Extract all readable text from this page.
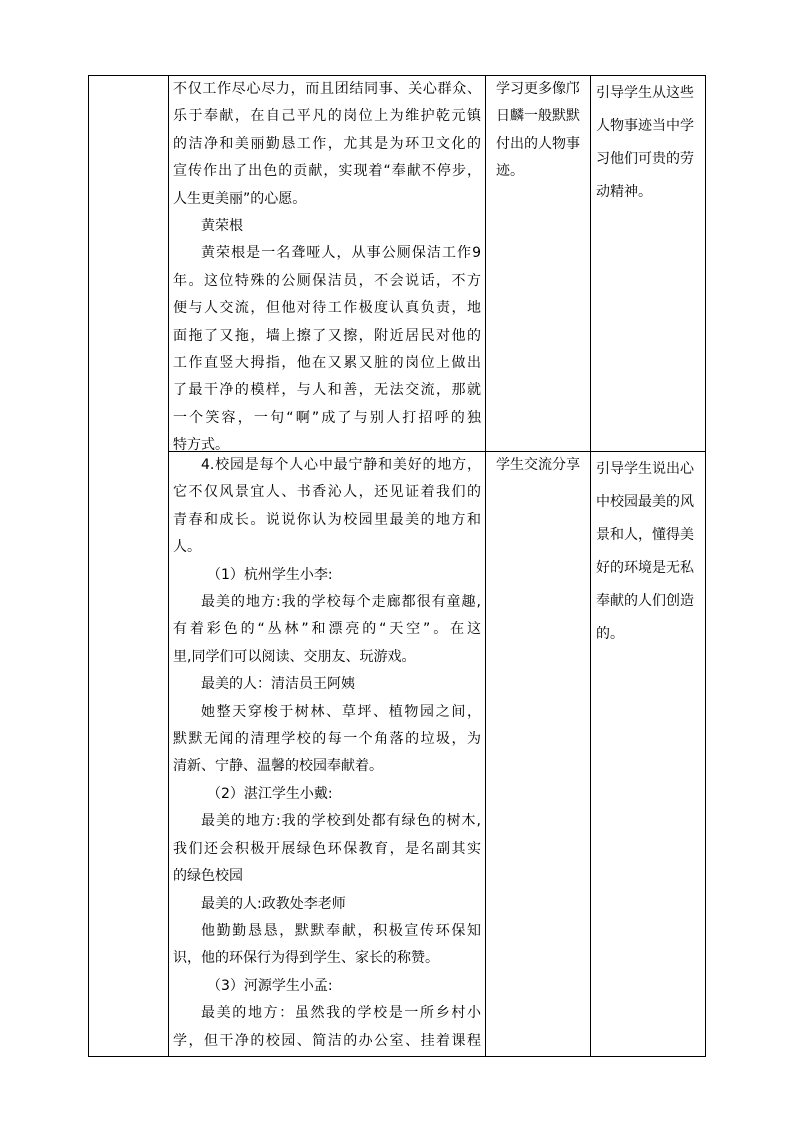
不仅工作尽心尽力，而且团结同事、关心群众、

乐于奉献，在自己平凡的岗位上为维护乾元镇

的洁净和美丽勤恳工作，尤其是为环卫文化的

宣传作出了出色的贡献，实现着“奉献不停步，

人生更美丽”的心愿。

黄荣根

黄荣根是一名聋哑人，从事公厕保洁工作9

年。这位特殊的公厕保洁员，不会说话，不方

便与人交流，但他对待工作极度认真负责，地

面拖了又拖，墙上擦了又擦，附近居民对他的

工作直竖大拇指，他在又累又脏的岗位上做出

了最干净的模样，与人和善，无法交流，那就

一个笑容，一句“啊”成了与别人打招呼的独

特方式。

学习更多像邝

日麟一般默默

付出的人物事

迹。

引导学生从这些

人物事迹当中学

习他们可贵的劳

动精神。

4.校园是每个人心中最宁静和美好的地方，

它不仅风景宜人、书香沁人，还见证着我们的

青春和成长。说说你认为校园里最美的地方和

人。

（1）杭州学生小李:

最美的地方:我的学校每个走廊都很有童趣,

有着彩色的“丛林”和漂亮的“天空”。在这

里,同学们可以阅读、交朋友、玩游戏。

最美的人：清洁员王阿姨

她整天穿梭于树林、草坪、植物园之间，

默默无闻的清理学校的每一个角落的垃圾，为

清新、宁静、温馨的校园奉献着。

（2）湛江学生小戴:

最美的地方:我的学校到处都有绿色的树木,

我们还会积极开展绿色环保教育，是名副其实

的绿色校园

最美的人:政教处李老师

他勤勤恳恳，默默奉献，积极宣传环保知

识，他的环保行为得到学生、家长的称赞。

（3）河源学生小孟:

最美的地方：虽然我的学校是一所乡村小

学，但干净的校园、简洁的办公室、挂着课程

学生交流分享 引导学生说出心

中校园最美的风

景和人，懂得美

好的环境是无私

奉献的人们创造

的。
